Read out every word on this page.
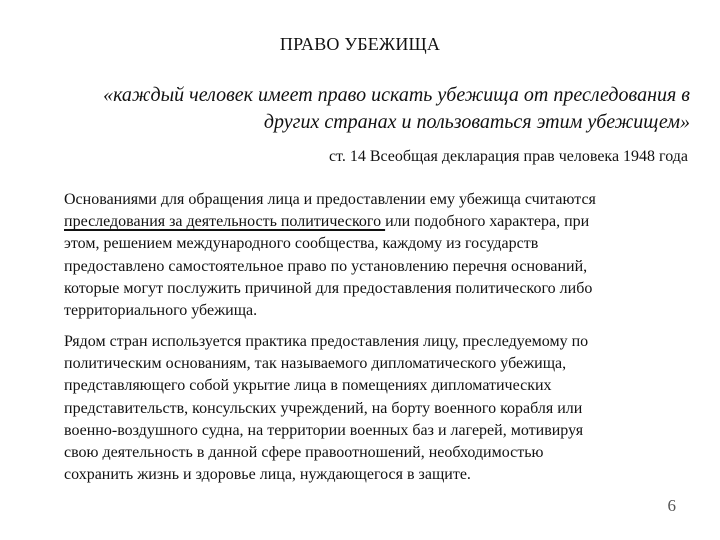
ПРАВО УБЕЖИЩА
«каждый человек имеет право искать убежища от преследования в
других странах и пользоваться этим убежищем»
ст. 14 Всеобщая декларация прав человека 1948 года
Основаниями для обращения лица и предоставлении ему убежища считаются
преследования за деятельность политического или подобного характера, при
этом, решением международного сообщества, каждому из государств
предоставлено самостоятельное право по установлению перечня оснований,
которые могут послужить причиной для предоставления политического либо
территориального убежища.
Рядом стран используется практика предоставления лицу, преследуемому по
политическим основаниям, так называемого дипломатического убежища,
представляющего собой укрытие лица в помещениях дипломатических
представительств, консульских учреждений, на борту военного корабля или
военно-воздушного судна, на территории военных баз и лагерей, мотивируя
свою деятельность в данной сфере правоотношений, необходимостью
сохранить жизнь и здоровье лица, нуждающегося в защите.
6
